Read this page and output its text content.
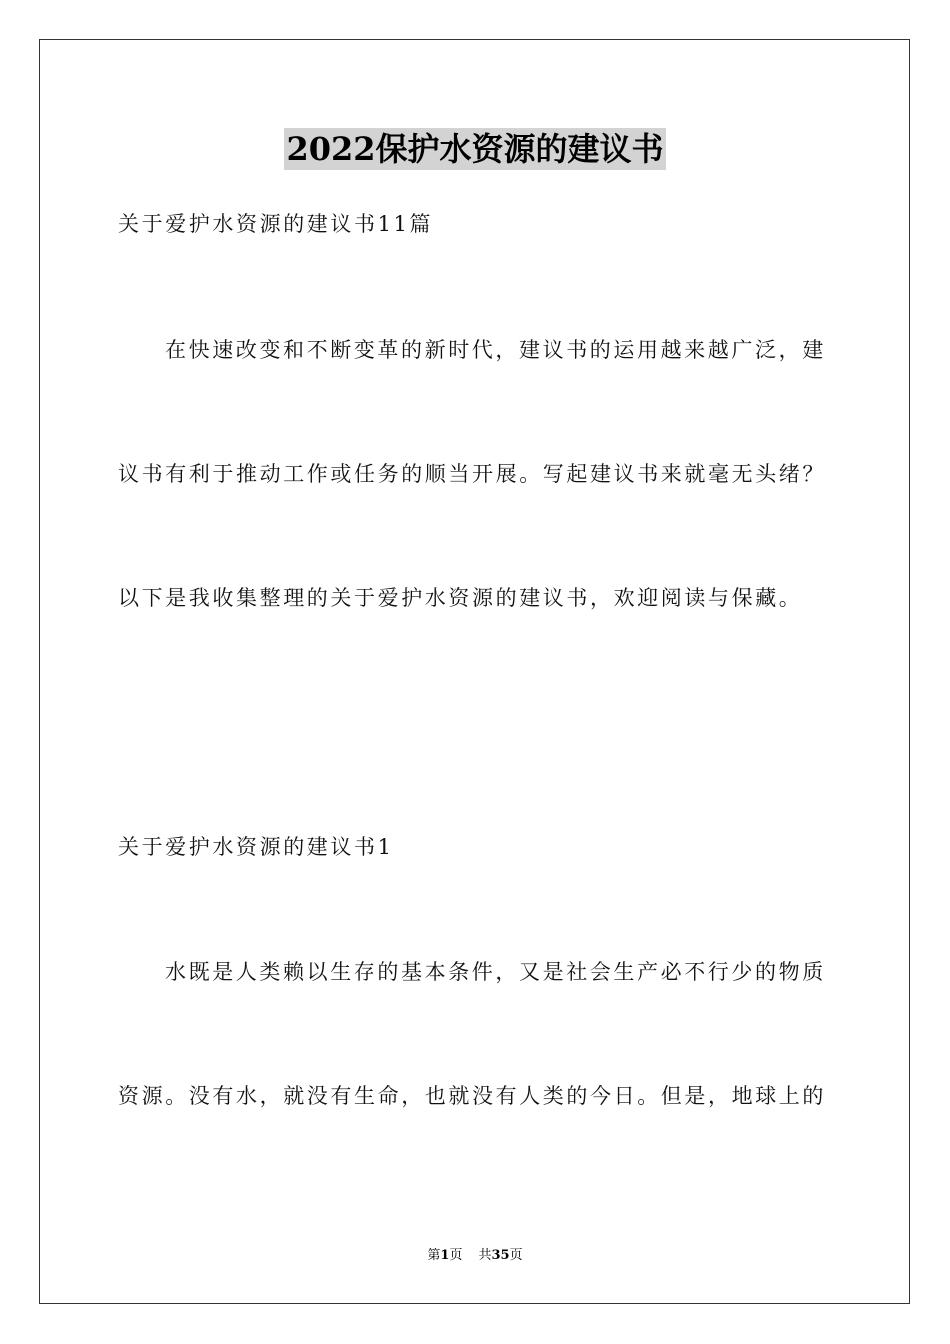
2022保护水资源的建议书
关于爱护水资源的建议书11篇
在快速改变和不断变革的新时代，建议书的运用越来越广泛，建
议书有利于推动工作或任务的顺当开展。写起建议书来就毫无头绪？
以下是我收集整理的关于爱护水资源的建议书，欢迎阅读与保藏。
关于爱护水资源的建议书1
水既是人类赖以生存的基本条件，又是社会生产必不行少的物质
资源。没有水，就没有生命，也就没有人类的今日。但是，地球上的
第1页 共35页
